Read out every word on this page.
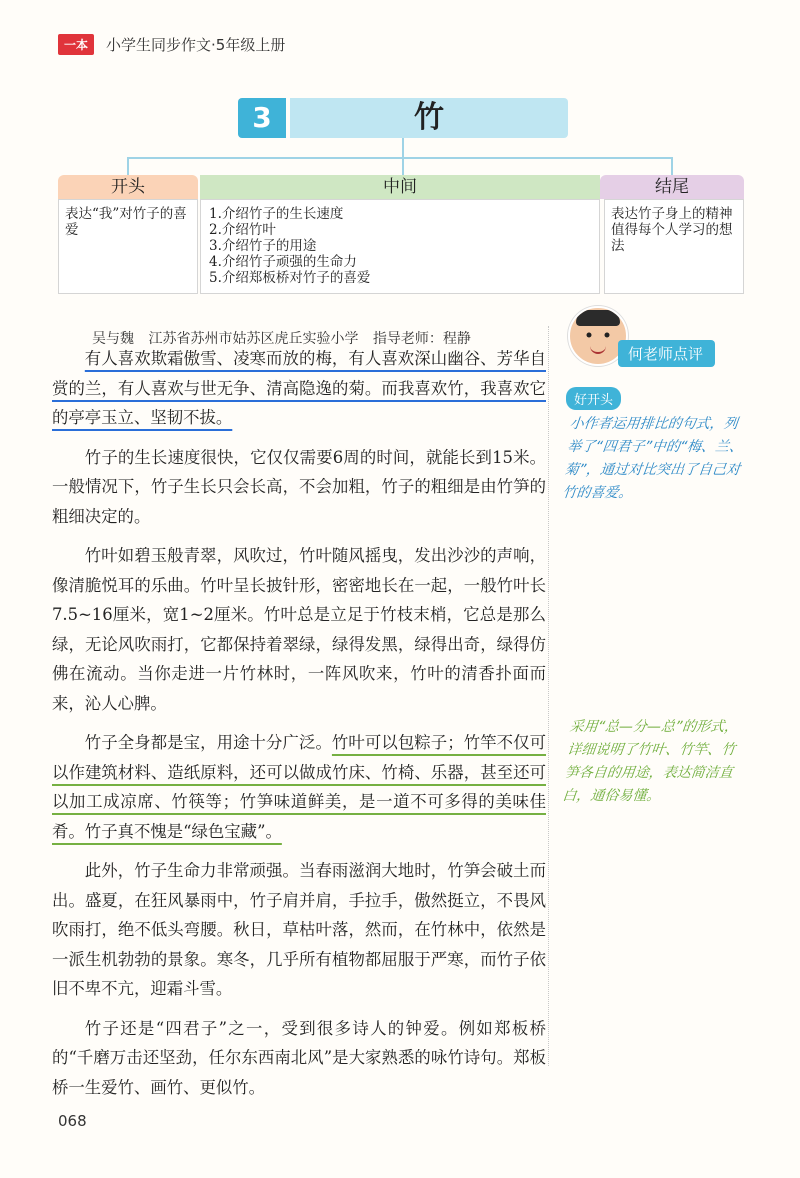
一本	小学生同步作文·5年级上册
3	竹
开头	中间	结尾
表达“我”对竹子的喜爱
1.介绍竹子的生长速度
2.介绍竹叶
3.介绍竹子的用途
4.介绍竹子顽强的生命力
5.介绍郑板桥对竹子的喜爱
表达竹子身上的精神值得每个人学习的想法
吴与魏 江苏省苏州市姑苏区虎丘实验小学 指导老师：程静

有人喜欢欺霜傲雪、凌寒而放的梅，有人喜欢深山幽谷、芳华自赏的兰，有人喜欢与世无争、清高隐逸的菊。而我喜欢竹，我喜欢它的亭亭玉立、坚韧不拔。

竹子的生长速度很快，它仅仅需要6周的时间，就能长到15米。一般情况下，竹子生长只会长高，不会加粗，竹子的粗细是由竹笋的粗细决定的。

竹叶如碧玉般青翠，风吹过，竹叶随风摇曳，发出沙沙的声响，像清脆悦耳的乐曲。竹叶呈长披针形，密密地长在一起，一般竹叶长7.5~16厘米，宽1~2厘米。竹叶总是立足于竹枝末梢，它总是那么绿，无论风吹雨打，它都保持着翠绿，绿得发黑，绿得出奇，绿得仿佛在流动。当你走进一片竹林时，一阵风吹来，竹叶的清香扑面而来，沁人心脾。

竹子全身都是宝，用途十分广泛。竹叶可以包粽子；竹竿不仅可以作建筑材料、造纸原料，还可以做成竹床、竹椅、乐器，甚至还可以加工成凉席、竹筷等；竹笋味道鲜美，是一道不可多得的美味佳肴。竹子真不愧是“绿色宝藏”。

此外，竹子生命力非常顽强。当春雨滋润大地时，竹笋会破土而出。盛夏，在狂风暴雨中，竹子肩并肩，手拉手，傲然挺立，不畏风吹雨打，绝不低头弯腰。秋日，草枯叶落，然而，在竹林中，依然是一派生机勃勃的景象。寒冬，几乎所有植物都屈服于严寒，而竹子依旧不卑不亢，迎霜斗雪。

竹子还是“四君子”之一，受到很多诗人的钟爱。例如郑板桥的“千磨万击还坚劲，任尔东西南北风”是大家熟悉的咏竹诗句。郑板桥一生爱竹、画竹、更似竹。

何老师点评
好开头
小作者运用排比的句式，列举了“四君子”中的“梅、兰、菊”，通过对比突出了自己对竹的喜爱。
采用“总—分—总”的形式，详细说明了竹叶、竹竿、竹笋各自的用途，表达简洁直白，通俗易懂。
068
